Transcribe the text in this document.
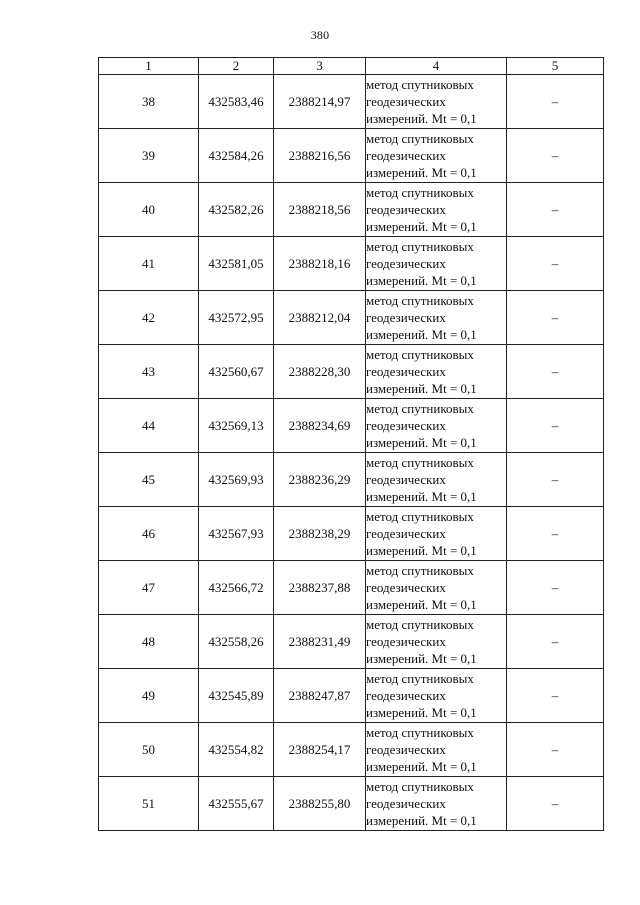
380
1	2	3	4	5
38	432583,46	2388214,97	метод спутниковых
геодезических
измерений. Mt = 0,1	–
39	432584,26	2388216,56	метод спутниковых
геодезических
измерений. Mt = 0,1	–
40	432582,26	2388218,56	метод спутниковых
геодезических
измерений. Mt = 0,1	–
41	432581,05	2388218,16	метод спутниковых
геодезических
измерений. Mt = 0,1	–
42	432572,95	2388212,04	метод спутниковых
геодезических
измерений. Mt = 0,1	–
43	432560,67	2388228,30	метод спутниковых
геодезических
измерений. Mt = 0,1	–
44	432569,13	2388234,69	метод спутниковых
геодезических
измерений. Mt = 0,1	–
45	432569,93	2388236,29	метод спутниковых
геодезических
измерений. Mt = 0,1	–
46	432567,93	2388238,29	метод спутниковых
геодезических
измерений. Mt = 0,1	–
47	432566,72	2388237,88	метод спутниковых
геодезических
измерений. Mt = 0,1	–
48	432558,26	2388231,49	метод спутниковых
геодезических
измерений. Mt = 0,1	–
49	432545,89	2388247,87	метод спутниковых
геодезических
измерений. Mt = 0,1	–
50	432554,82	2388254,17	метод спутниковых
геодезических
измерений. Mt = 0,1	–
51	432555,67	2388255,80	метод спутниковых
геодезических
измерений. Mt = 0,1	–
